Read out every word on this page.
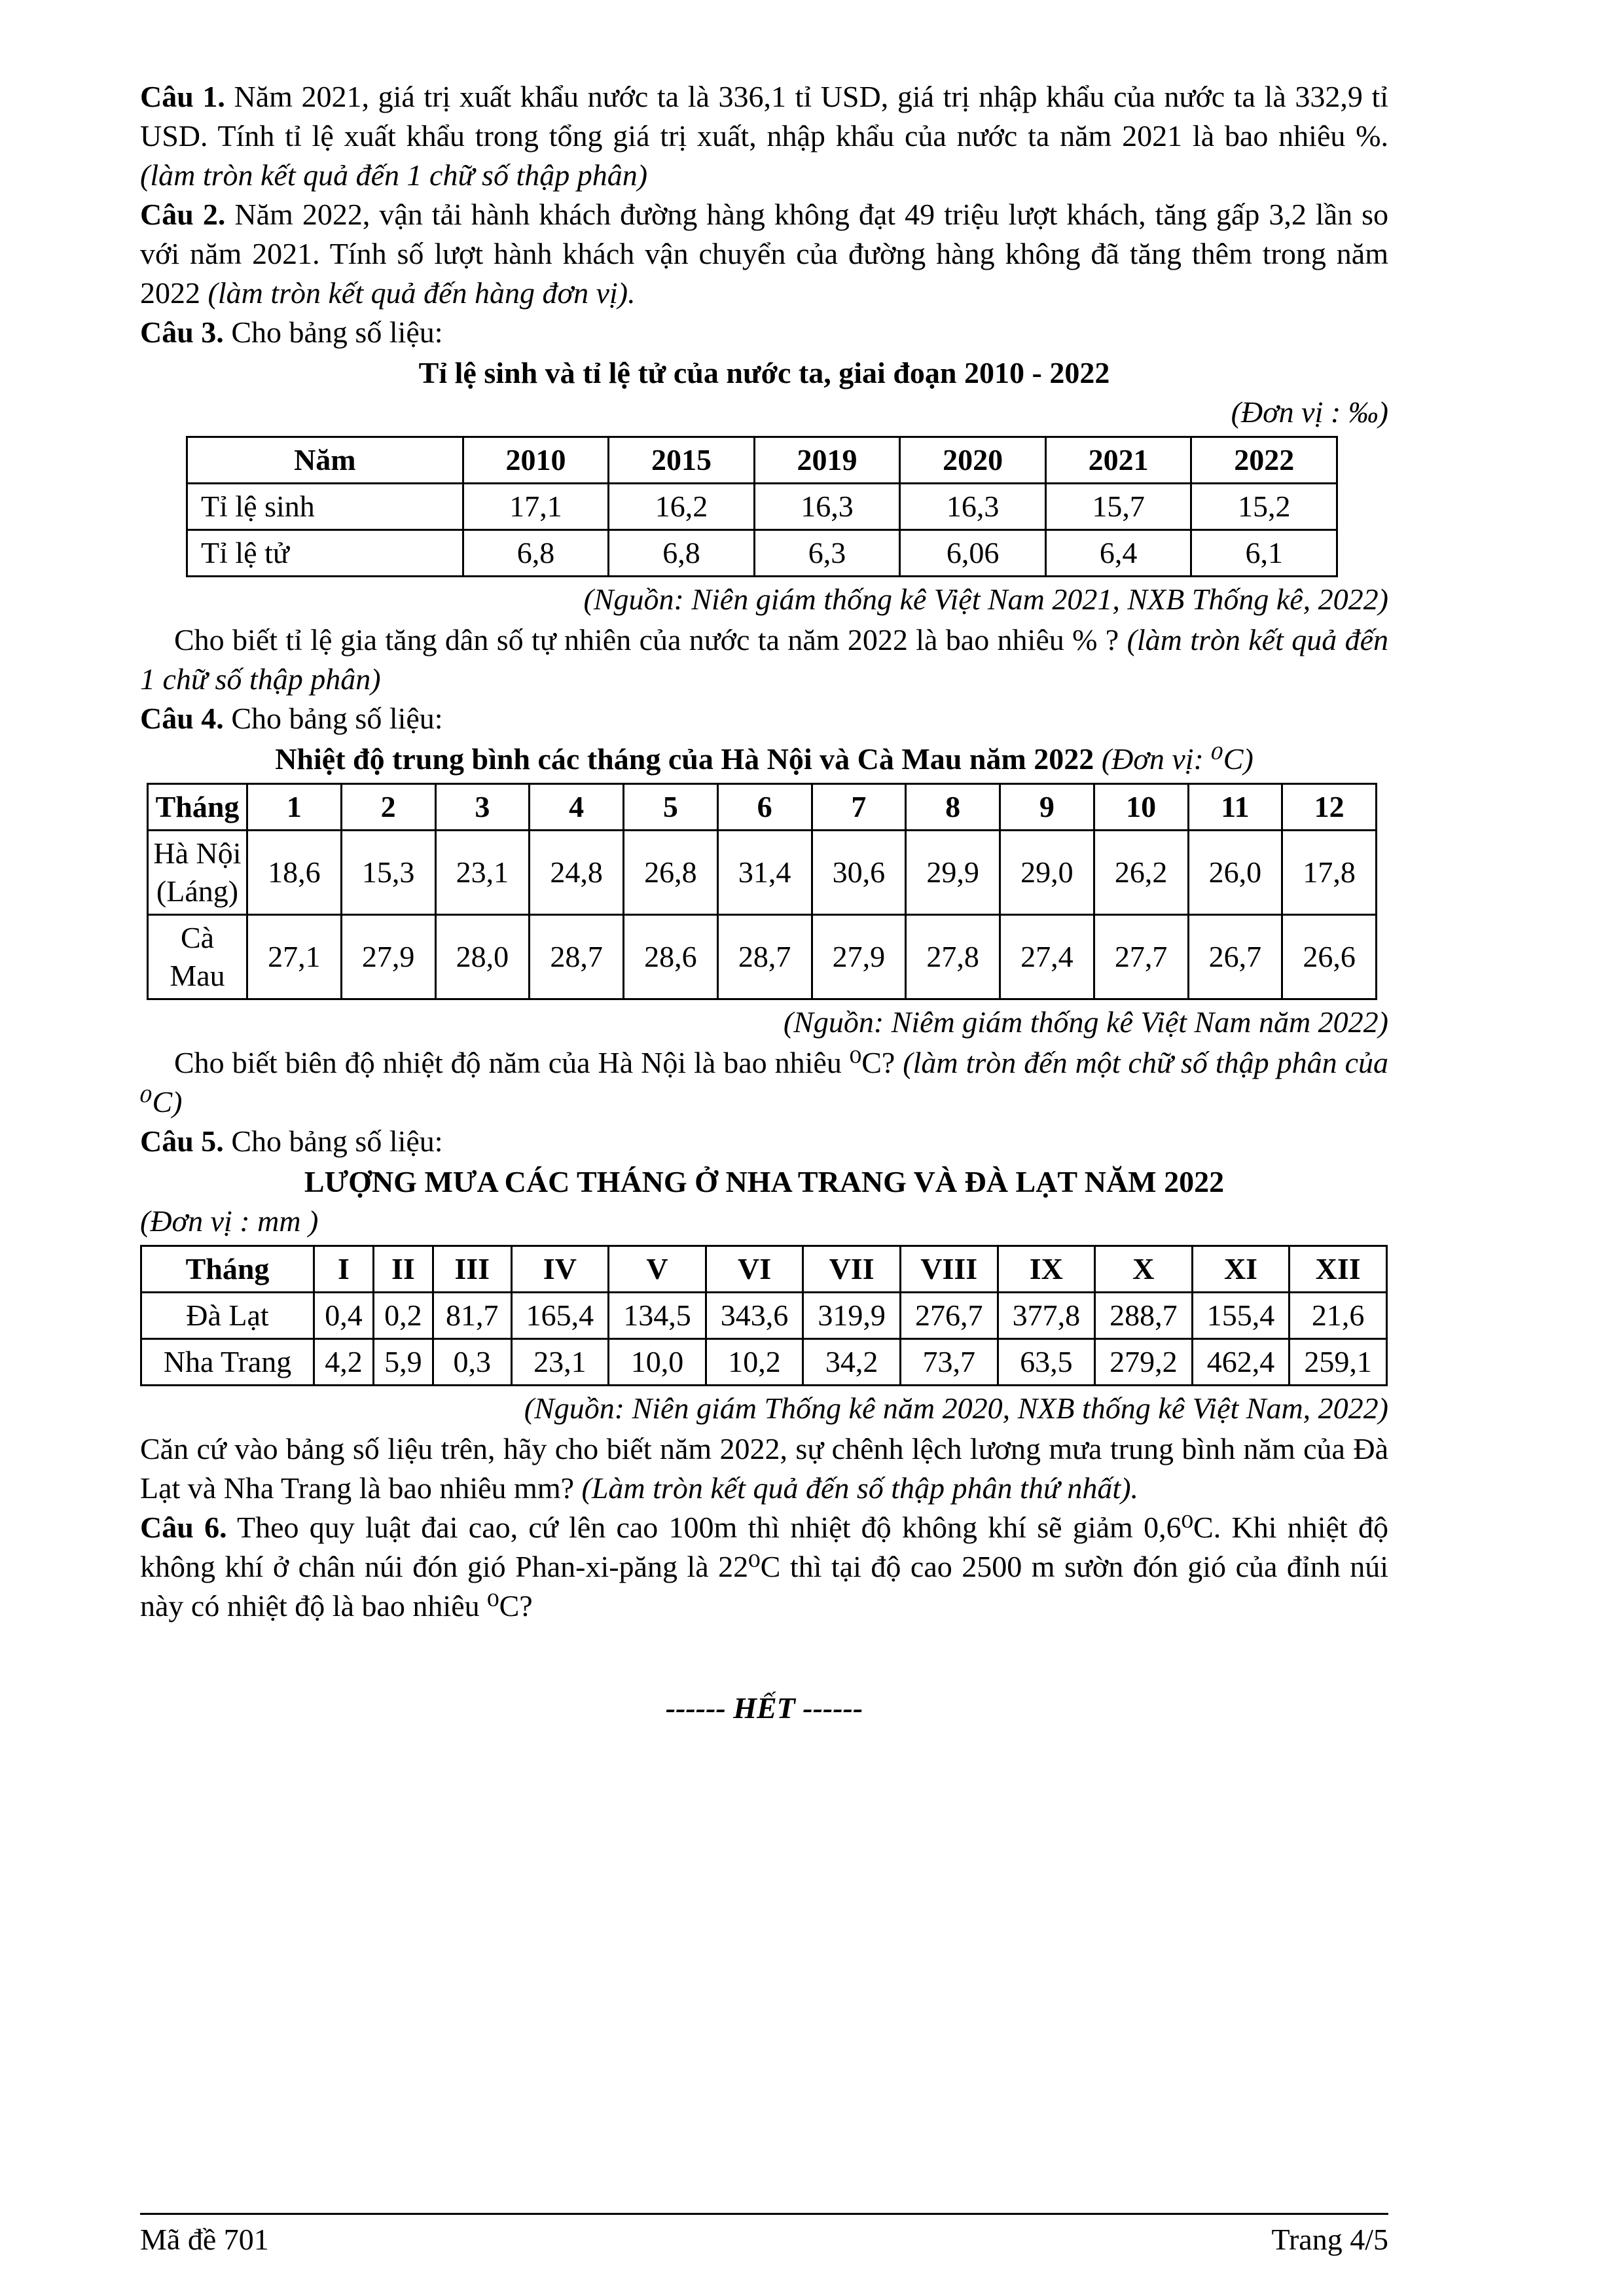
Câu 1. Năm 2021, giá trị xuất khẩu nước ta là 336,1 tỉ USD, giá trị nhập khẩu của nước ta là 332,9 tỉ USD. Tính tỉ lệ xuất khẩu trong tổng giá trị xuất, nhập khẩu của nước ta năm 2021 là bao nhiêu %. (làm tròn kết quả đến 1 chữ số thập phân)

Câu 2. Năm 2022, vận tải hành khách đường hàng không đạt 49 triệu lượt khách, tăng gấp 3,2 lần so với năm 2021. Tính số lượt hành khách vận chuyển của đường hàng không đã tăng thêm trong năm 2022 (làm tròn kết quả đến hàng đơn vị).

Câu 3. Cho bảng số liệu:

Tỉ lệ sinh và tỉ lệ tử của nước ta, giai đoạn 2010 - 2022
(Đơn vị : ‰)
Năm	2010	2015	2019	2020	2021	2022
Tỉ lệ sinh	17,1	16,2	16,3	16,3	15,7	15,2
Tỉ lệ tử	6,8	6,8	6,3	6,06	6,4	6,1
(Nguồn: Niên giám thống kê Việt Nam 2021, NXB Thống kê, 2022)

Cho biết tỉ lệ gia tăng dân số tự nhiên của nước ta năm 2022 là bao nhiêu % ? (làm tròn kết quả đến 1 chữ số thập phân)

Câu 4. Cho bảng số liệu:

Nhiệt độ trung bình các tháng của Hà Nội và Cà Mau năm 2022 (Đơn vị: ⁰C)
Tháng	1	2	3	4	5	6	7	8	9	10	11	12
Hà Nội (Láng)	18,6	15,3	23,1	24,8	26,8	31,4	30,6	29,9	29,0	26,2	26,0	17,8
Cà Mau	27,1	27,9	28,0	28,7	28,6	28,7	27,9	27,8	27,4	27,7	26,7	26,6
(Nguồn: Niêm giám thống kê Việt Nam năm 2022)

Cho biết biên độ nhiệt độ năm của Hà Nội là bao nhiêu ⁰C? (làm tròn đến một chữ số thập phân của ⁰C)

Câu 5. Cho bảng số liệu:

LƯỢNG MƯA CÁC THÁNG Ở NHA TRANG VÀ ĐÀ LẠT NĂM 2022
(Đơn vị : mm )
Tháng	I	II	III	IV	V	VI	VII	VIII	IX	X	XI	XII
Đà Lạt	0,4	0,2	81,7	165,4	134,5	343,6	319,9	276,7	377,8	288,7	155,4	21,6
Nha Trang	4,2	5,9	0,3	23,1	10,0	10,2	34,2	73,7	63,5	279,2	462,4	259,1
(Nguồn: Niên giám Thống kê năm 2020, NXB thống kê Việt Nam, 2022)

Căn cứ vào bảng số liệu trên, hãy cho biết năm 2022, sự chênh lệch lương mưa trung bình năm của Đà Lạt và Nha Trang là bao nhiêu mm? (Làm tròn kết quả đến số thập phân thứ nhất).

Câu 6. Theo quy luật đai cao, cứ lên cao 100m thì nhiệt độ không khí sẽ giảm 0,6⁰C. Khi nhiệt độ không khí ở chân núi đón gió Phan-xi-păng là 22⁰C thì tại độ cao 2500 m sườn đón gió của đỉnh núi này có nhiệt độ là bao nhiêu ⁰C?

------ HẾT ------
Mã đề 701	Trang 4/5
